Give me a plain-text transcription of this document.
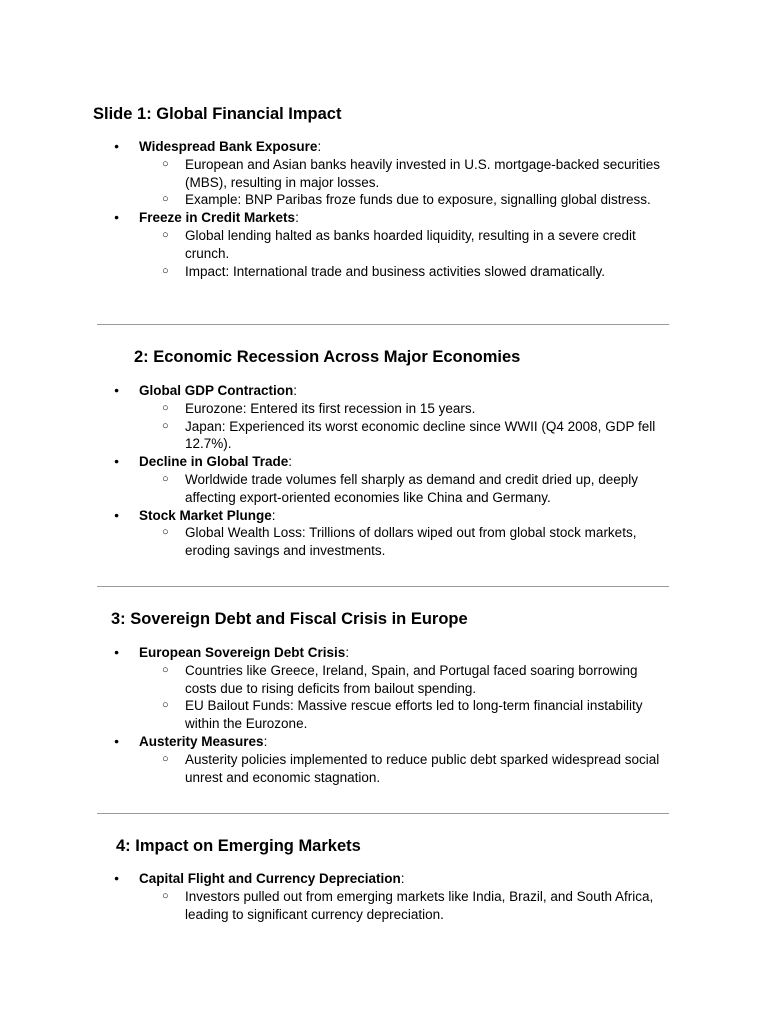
Slide 1: Global Financial Impact
● Widespread Bank Exposure:
○ European and Asian banks heavily invested in U.S. mortgage-backed securities (MBS), resulting in major losses.
○ Example: BNP Paribas froze funds due to exposure, signalling global distress.
● Freeze in Credit Markets:
○ Global lending halted as banks hoarded liquidity, resulting in a severe credit crunch.
○ Impact: International trade and business activities slowed dramatically.
2: Economic Recession Across Major Economies
● Global GDP Contraction:
○ Eurozone: Entered its first recession in 15 years.
○ Japan: Experienced its worst economic decline since WWII (Q4 2008, GDP fell 12.7%).
● Decline in Global Trade:
○ Worldwide trade volumes fell sharply as demand and credit dried up, deeply affecting export-oriented economies like China and Germany.
● Stock Market Plunge:
○ Global Wealth Loss: Trillions of dollars wiped out from global stock markets, eroding savings and investments.
3: Sovereign Debt and Fiscal Crisis in Europe
● European Sovereign Debt Crisis:
○ Countries like Greece, Ireland, Spain, and Portugal faced soaring borrowing costs due to rising deficits from bailout spending.
○ EU Bailout Funds: Massive rescue efforts led to long-term financial instability within the Eurozone.
● Austerity Measures:
○ Austerity policies implemented to reduce public debt sparked widespread social unrest and economic stagnation.
4: Impact on Emerging Markets
● Capital Flight and Currency Depreciation:
○ Investors pulled out from emerging markets like India, Brazil, and South Africa, leading to significant currency depreciation.
